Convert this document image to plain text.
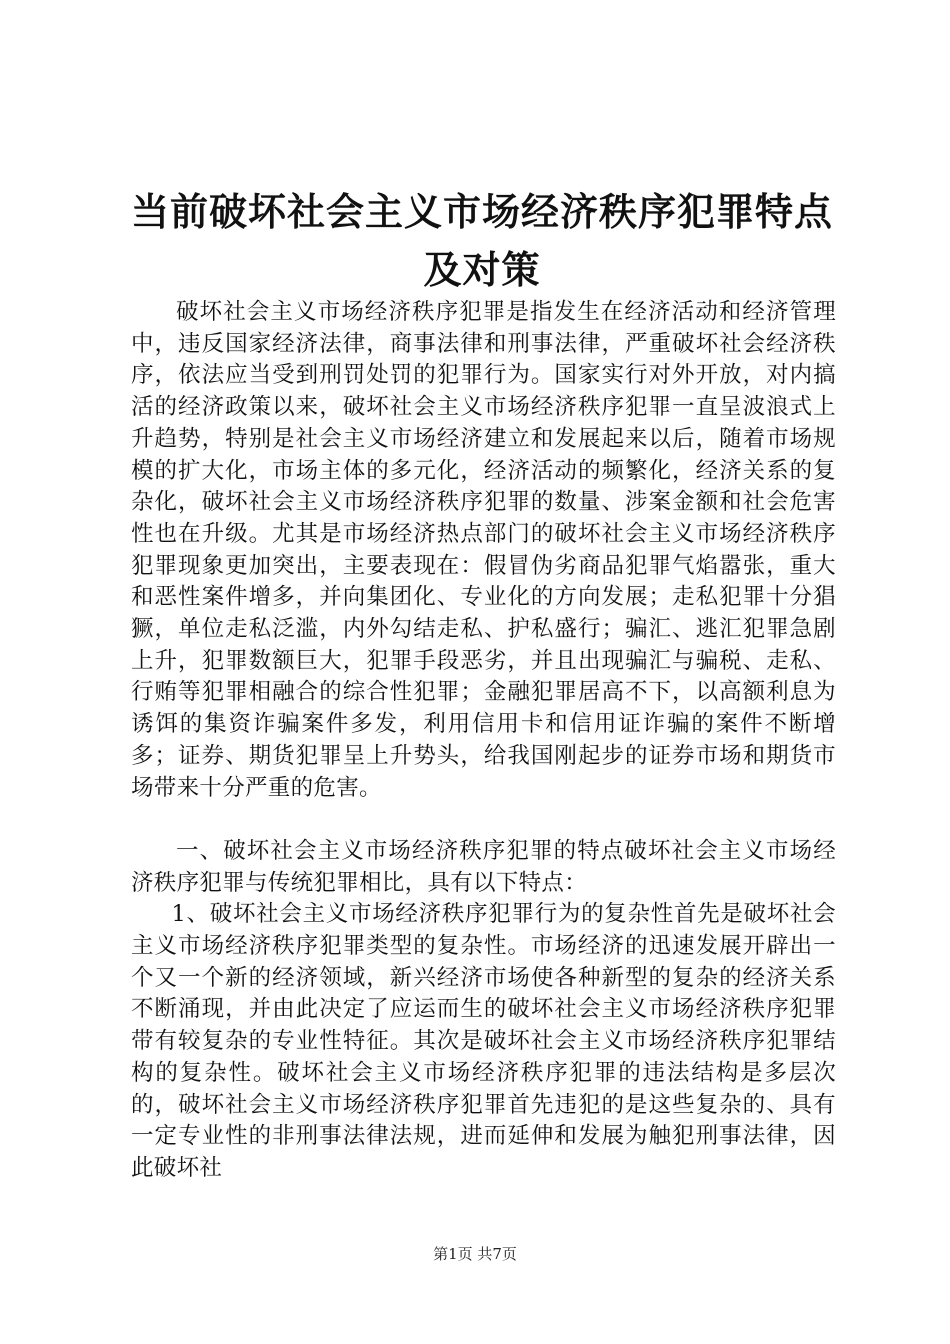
当前破坏社会主义市场经济秩序犯罪特点及对策

破坏社会主义市场经济秩序犯罪是指发生在经济活动和经济管理中，违反国家经济法律，商事法律和刑事法律，严重破坏社会经济秩序，依法应当受到刑罚处罚的犯罪行为。国家实行对外开放，对内搞活的经济政策以来，破坏社会主义市场经济秩序犯罪一直呈波浪式上升趋势，特别是社会主义市场经济建立和发展起来以后，随着市场规模的扩大化，市场主体的多元化，经济活动的频繁化，经济关系的复杂化，破坏社会主义市场经济秩序犯罪的数量、涉案金额和社会危害性也在升级。尤其是市场经济热点部门的破坏社会主义市场经济秩序犯罪现象更加突出，主要表现在：假冒伪劣商品犯罪气焰嚣张，重大和恶性案件增多，并向集团化、专业化的方向发展；走私犯罪十分猖獗，单位走私泛滥，内外勾结走私、护私盛行；骗汇、逃汇犯罪急剧上升，犯罪数额巨大，犯罪手段恶劣，并且出现骗汇与骗税、走私、行贿等犯罪相融合的综合性犯罪；金融犯罪居高不下，以高额利息为诱饵的集资诈骗案件多发，利用信用卡和信用证诈骗的案件不断增多；证券、期货犯罪呈上升势头，给我国刚起步的证券市场和期货市场带来十分严重的危害。

一、破坏社会主义市场经济秩序犯罪的特点破坏社会主义市场经济秩序犯罪与传统犯罪相比，具有以下特点：

1、破坏社会主义市场经济秩序犯罪行为的复杂性首先是破坏社会主义市场经济秩序犯罪类型的复杂性。市场经济的迅速发展开辟出一个又一个新的经济领域，新兴经济市场使各种新型的复杂的经济关系不断涌现，并由此决定了应运而生的破坏社会主义市场经济秩序犯罪带有较复杂的专业性特征。其次是破坏社会主义市场经济秩序犯罪结构的复杂性。破坏社会主义市场经济秩序犯罪的违法结构是多层次的，破坏社会主义市场经济秩序犯罪首先违犯的是这些复杂的、具有一定专业性的非刑事法律法规，进而延伸和发展为触犯刑事法律，因此破坏社

第1页 共7页
